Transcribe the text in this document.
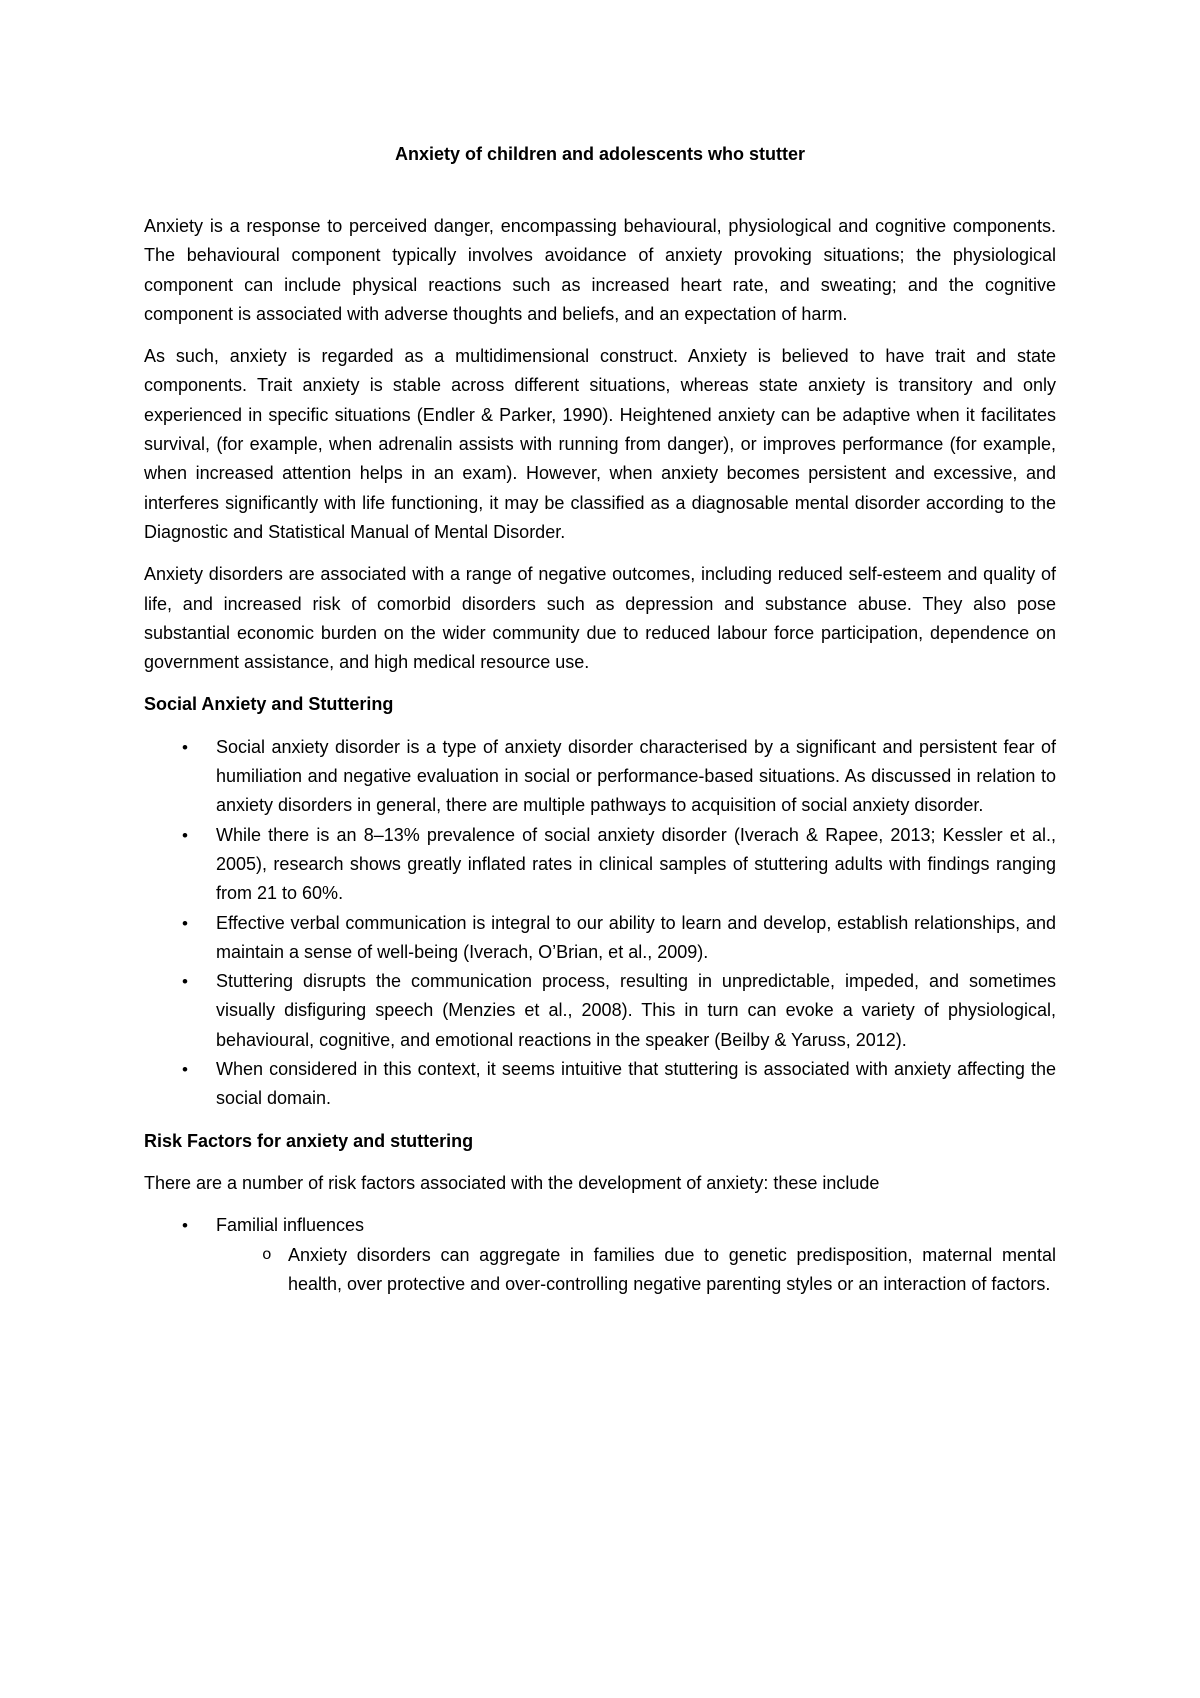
Anxiety of children and adolescents who stutter

Anxiety is a response to perceived danger, encompassing behavioural, physiological and cognitive components. The behavioural component typically involves avoidance of anxiety provoking situations; the physiological component can include physical reactions such as increased heart rate, and sweating; and the cognitive component is associated with adverse thoughts and beliefs, and an expectation of harm.

As such, anxiety is regarded as a multidimensional construct. Anxiety is believed to have trait and state components. Trait anxiety is stable across different situations, whereas state anxiety is transitory and only experienced in specific situations (Endler & Parker, 1990). Heightened anxiety can be adaptive when it facilitates survival, (for example, when adrenalin assists with running from danger), or improves performance (for example, when increased attention helps in an exam). However, when anxiety becomes persistent and excessive, and interferes significantly with life functioning, it may be classified as a diagnosable mental disorder according to the Diagnostic and Statistical Manual of Mental Disorder.

Anxiety disorders are associated with a range of negative outcomes, including reduced self-esteem and quality of life, and increased risk of comorbid disorders such as depression and substance abuse. They also pose substantial economic burden on the wider community due to reduced labour force participation, dependence on government assistance, and high medical resource use.

Social Anxiety and Stuttering
• Social anxiety disorder is a type of anxiety disorder characterised by a significant and persistent fear of humiliation and negative evaluation in social or performance-based situations. As discussed in relation to anxiety disorders in general, there are multiple pathways to acquisition of social anxiety disorder.
• While there is an 8–13% prevalence of social anxiety disorder (Iverach & Rapee, 2013; Kessler et al., 2005), research shows greatly inflated rates in clinical samples of stuttering adults with findings ranging from 21 to 60%.
• Effective verbal communication is integral to our ability to learn and develop, establish relationships, and maintain a sense of well-being (Iverach, O’Brian, et al., 2009).
• Stuttering disrupts the communication process, resulting in unpredictable, impeded, and sometimes visually disfiguring speech (Menzies et al., 2008). This in turn can evoke a variety of physiological, behavioural, cognitive, and emotional reactions in the speaker (Beilby & Yaruss, 2012).
• When considered in this context, it seems intuitive that stuttering is associated with anxiety affecting the social domain.
Risk Factors for anxiety and stuttering

There are a number of risk factors associated with the development of anxiety: these include

• Familial influences
o Anxiety disorders can aggregate in families due to genetic predisposition, maternal mental health, over protective and over-controlling negative parenting styles or an interaction of factors.
